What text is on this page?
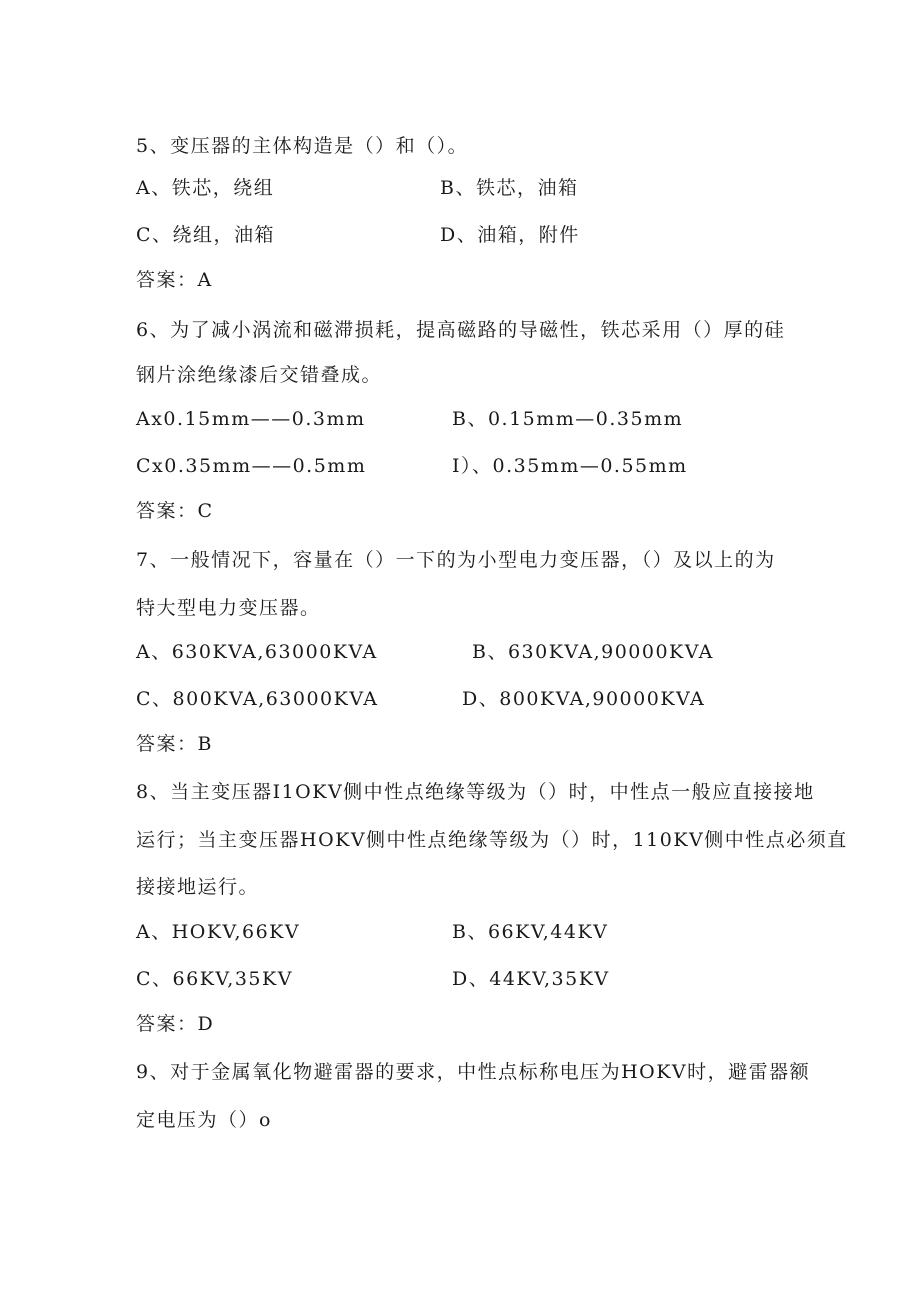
5、变压器的主体构造是（）和（）。
A、铁芯，绕组	B、铁芯，油箱
C、绕组，油箱	D、油箱，附件
答案：A
6、为了减小涡流和磁滞损耗，提高磁路的导磁性，铁芯采用（）厚的硅
钢片涂绝缘漆后交错叠成。
Ax0.15mm——0.3mm	B、0.15mm—0.35mm
Cx0.35mm——0.5mm	I）、0.35mm—0.55mm
答案：C
7、一般情况下，容量在（）一下的为小型电力变压器，（）及以上的为
特大型电力变压器。
A、630KVA,63000KVA	B、630KVA,90000KVA
C、800KVA,63000KVA	D、800KVA,90000KVA
答案：B
8、当主变压器I1OKV侧中性点绝缘等级为（）时，中性点一般应直接接地
运行；当主变压器HOKV侧中性点绝缘等级为（）时，110KV侧中性点必须直
接接地运行。
A、HOKV,66KV	B、66KV,44KV
C、66KV,35KV	D、44KV,35KV
答案：D
9、对于金属氧化物避雷器的要求，中性点标称电压为HOKV时，避雷器额
定电压为（）o
